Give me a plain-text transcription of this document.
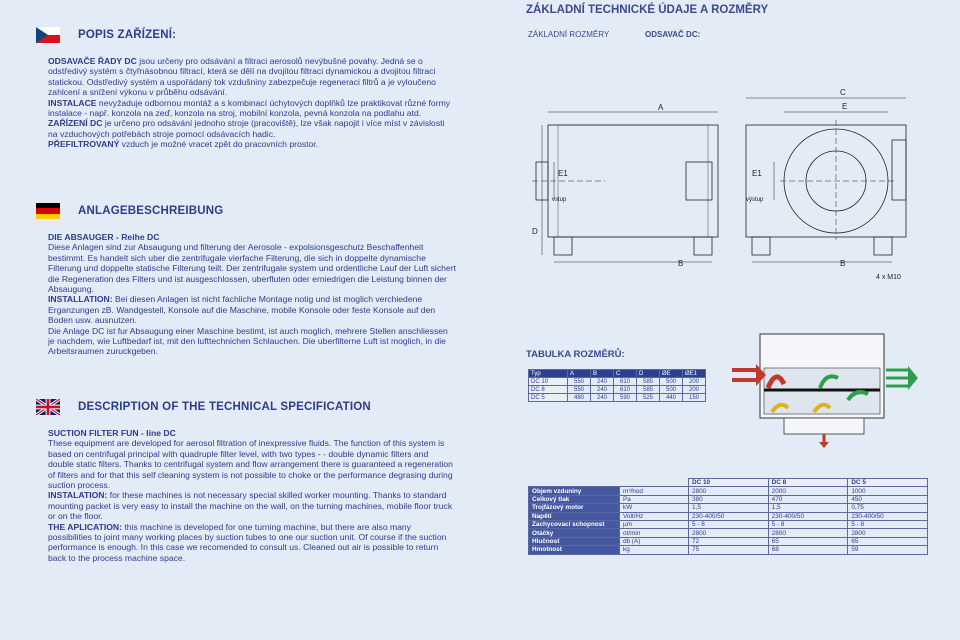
POPIS ZAŘÍZENÍ:

ODSAVAČE ŘADY DC jsou určeny pro odsávání a filtraci aerosolů nevýbušné povahy. Jedná se o odstředivý systém s čtyřnásobnou filtrací, která se dělí na dvojitou filtraci dynamickou a dvojitou filtraci statickou. Odstředivý systém a uspořádaný tok vzdušniny zabezpečuje regeneraci filtrů a je vyloučeno zahlcení a snížení výkonu v průběhu odsávání.

INSTALACE nevyžaduje odbornou montáž a s kombinací úchytových doplňků lze praktikovat různé formy instalace - např. konzola na zeď, konzola na stroj, mobilní konzola, pevná konzola na podlahu atd.

ZAŘÍZENÍ DC je určeno pro odsávání jednoho stroje (pracoviště), lze však napojit i více míst v závislosti na vzduchových potřebách stroje pomocí odsávacích hadic.

PŘEFILTROVANÝ vzduch je možné vracet zpět do pracovních prostor.

ANLAGEBESCHREIBUNG

DIE ABSAUGER - Reihe DC

Diese Anlagen sind zur Absaugung und filterung der Aerosole - expolsionsgeschutz Beschaffenheit bestimmt. Es handelt sich uber die zentrifugale vierfache Filterung, die sich in doppelte dynamische Filterung und doppelte statische Filterung teilt. Der zentrifugale system und ordentliche Lauf der Luft sichert die Regeneration des Filters und ist ausgeschlossen, uberfluten oder erniedrigen die Leistung binnen der Absaugung.

INSTALLATION: Bei diesen Anlagen ist nicht fachliche Montage notig und ist moglich verchiedene Erganzungen zB. Wandgestell, Konsole auf die Maschine, mobile Konsole oder feste Konsole auf den Boden usw. ausnutzen.

Die Anlage DC ist fur Absaugung einer Maschine bestimt, ist auch moglich, mehrere Stellen anschliessen je nachdem, wie Luftbedarf ist, mit den lufttechnichen Schlauchen. Die uberfilterne Luft ist moglich, in die Arbeitsraumen zuruckgeben.

DESCRIPTION OF THE TECHNICAL SPECIFICATION

SUCTION FILTER FUN - line DC

These equipment are developed for aerosol filtration of inexpressive fluids. The function of this system is based on centrifugal principal with quadruple filter level, with two types - - double dynamic filters and double static filters. Thanks to centrifugal system and flow arrangement there is guaranteed a regeneration of filters and for that this self cleaning system is not possible to choke or the performance degrasing during suction process.

INSTALATION: for these machines is not necessary special skilled worker mounting. Thanks to standard mounting packet is very easy to install the machine on the wall, on the turning machines, mobile floor truck or on the floor.

THE APLICATION: this machine is developed for one turning machine, but there are also many possibilities to joint many working places by suction tubes to one our suction unit. Of course if the suction performance is enough. In this case we recomended to consult us. Cleaned out air is possible to return back to the process machine space.

ZÁKLADNÍ TECHNICKÉ ÚDAJE A ROZMĚRY
ZÁKLADNÍ ROZMĚRY	ODSAVAČ DC:
A
B
D
E1
vstup
C
E
E1
výstup
B
4 x M10
TABULKA ROZMĚRŮ:
Typ	A	B	C	D	ØE	ØE1
DC 10	550	240	610	585	500	200
DC 8	550	240	610	585	500	200
DC 5	480	240	590	525	440	150
		DC 10	DC 8	DC 5
Objem vzduniny	m³/hod	2800	2000	1000
Celkový tlak	Pa	380	470	450
Trojfázový motor	kW	1,5	1,5	0,75
Napětí	Volt/Hz	230-400/50	230-400/50	230-400/50
Zachycovací schopnost	µm	5 - 8	5 - 8	5 - 8
Otáčky	ot/min	2800	2800	2800
Hlučnost	db (A)	72	65	65
Hmotnost	kg	75	68	59
